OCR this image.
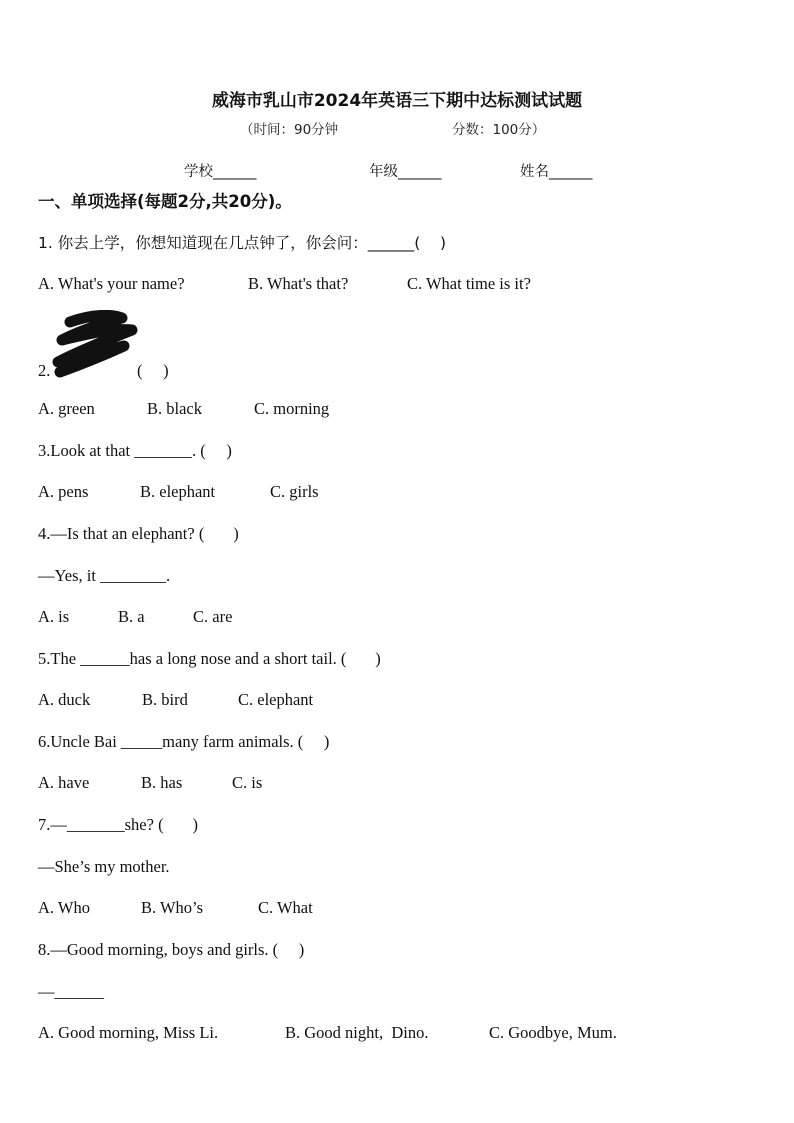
威海市乳山市2024年英语三下期中达标测试试题
（时间：90分钟	分数：100分）
学校______	年级______	姓名______
一、单项选择(每题2分,共20分)。
1. 你去上学，你想知道现在几点钟了，你会问：______(    )
A. What's your name?	B. What's that?	C. What time is it?
2.                     (     )
A. green	B. black	C. morning
3.Look at that _______. (     )
A. pens	B. elephant	C. girls
4.—Is that an elephant? (       )
—Yes, it ________.
A. is	B. a	C. are
5.The ______has a long nose and a short tail. (       )
A. duck	B. bird	C. elephant
6.Uncle Bai _____many farm animals. (     )
A. have	B. has	C. is
7.—_______she? (       )
—She’s my mother.
A. Who	B. Who’s	C. What
8.—Good morning, boys and girls. (     )
—______
A. Good morning, Miss Li.	B. Good night,  Dino.	C. Goodbye, Mum.
